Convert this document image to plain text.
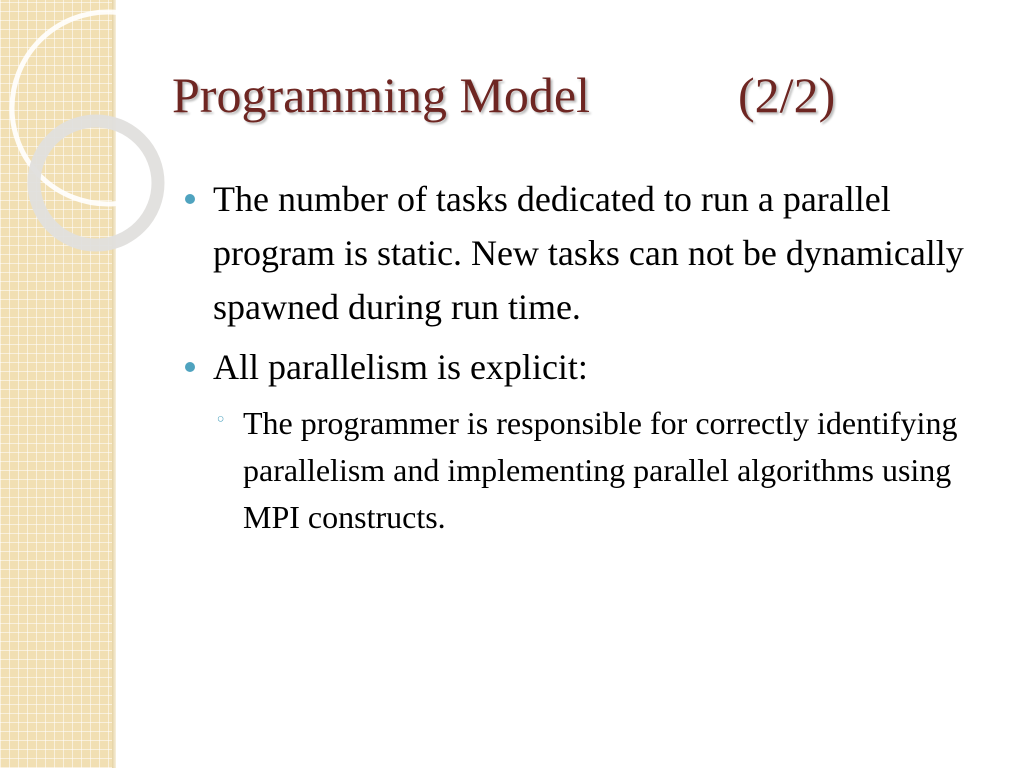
Programming Model	(2/2)
The number of tasks dedicated to run a parallel program is static. New tasks can not be dynamically spawned during run time.
All parallelism is explicit:
◦ The programmer is responsible for correctly identifying parallelism and implementing parallel algorithms using MPI constructs.
